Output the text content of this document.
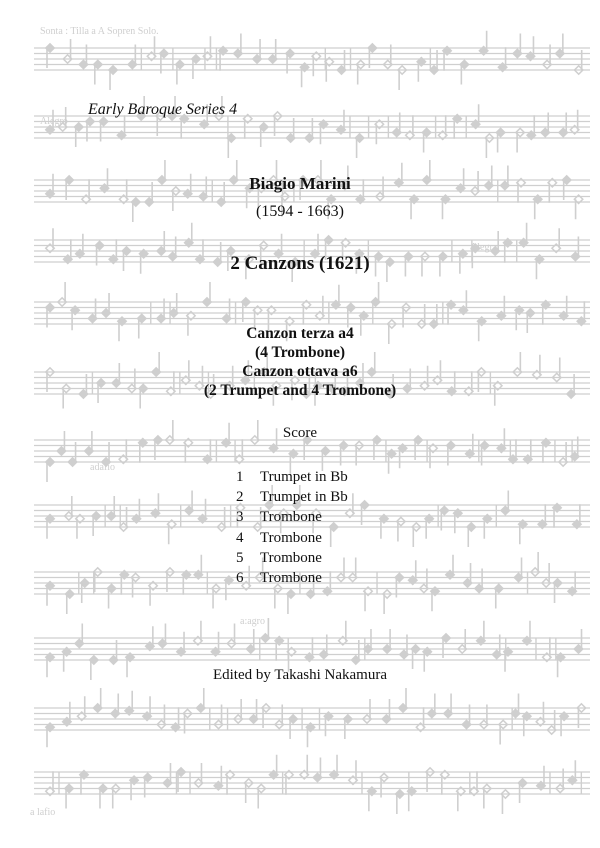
Sonta : Tilla a A Sopren Solo.
Alegro
Alegra
adafio
a:agro
a lafio
Early Baroque Series 4
Biagio Marini
(1594 - 1663)
2 Canzons (1621)
Canzon terza a4
(4 Trombone)
Canzon ottava a6
(2 Trumpet and 4 Trombone)
Score
1	Trumpet in Bb
2	Trumpet in Bb
3	Trombone
4	Trombone
5	Trombone
6	Trombone
Edited by Takashi Nakamura
